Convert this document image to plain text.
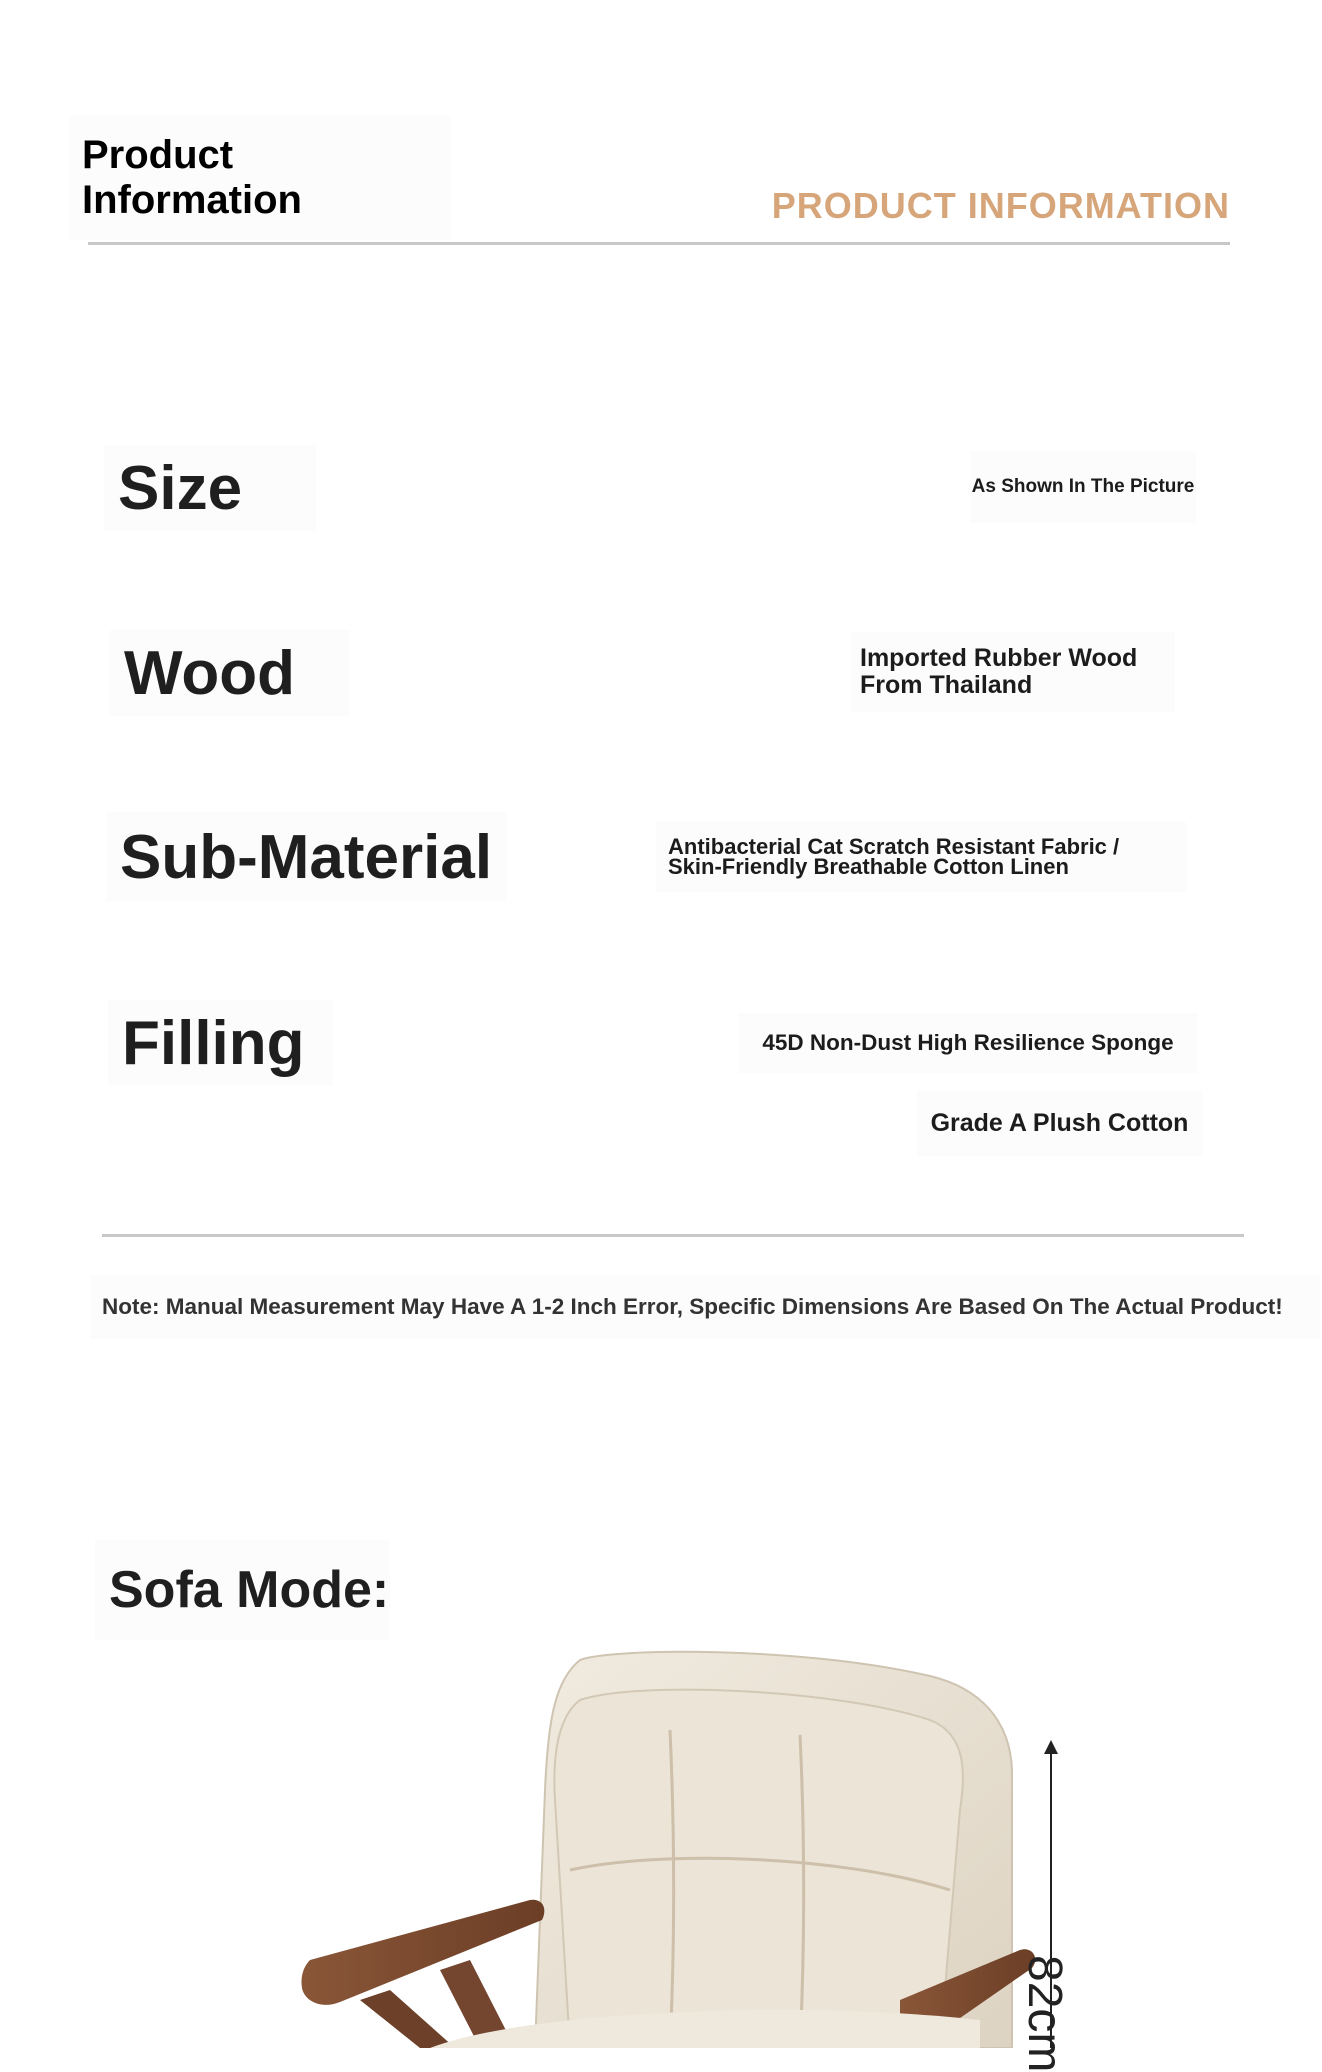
Product Information	PRODUCT INFORMATION
Size	As Shown In The Picture
Wood	Imported Rubber Wood
From Thailand
Sub-Material	Antibacterial Cat Scratch Resistant Fabric /
Skin-Friendly Breathable Cotton Linen
Filling	45D Non-Dust High Resilience Sponge
Grade A Plush Cotton
Note: Manual Measurement May Have A 1-2 Inch Error, Specific Dimensions Are Based On The Actual Product!
Sofa Mode:
82cm
